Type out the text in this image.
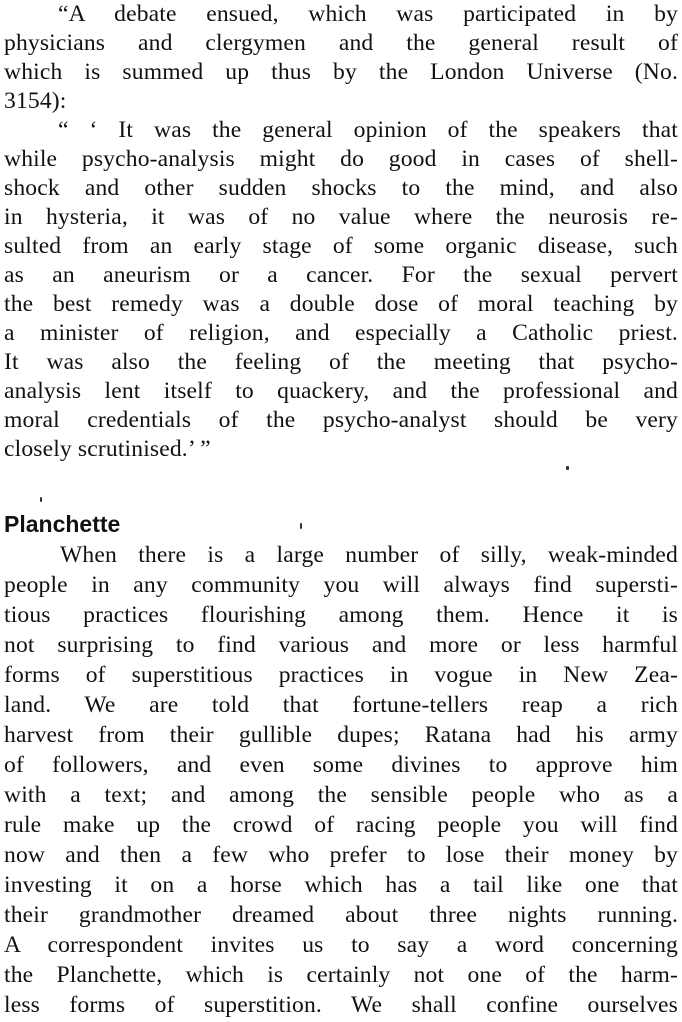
“A debate ensued, which was participated in by
physicians and clergymen and the general result of
which is summed up thus by the London Universe (No.
3154):
“ ‘ It was the general opinion of the speakers that
while psycho-analysis might do good in cases of shell-
shock and other sudden shocks to the mind, and also
in hysteria, it was of no value where the neurosis re-
sulted from an early stage of some organic disease, such
as an aneurism or a cancer. For the sexual pervert
the best remedy was a double dose of moral teaching by
a minister of religion, and especially a Catholic priest.
It was also the feeling of the meeting that psycho-
analysis lent itself to quackery, and the professional and
moral credentials of the psycho-analyst should be very
closely scrutinised.’ ”
Planchette
When there is a large number of silly, weak-minded
people in any community you will always find supersti-
tious practices flourishing among them. Hence it is
not surprising to find various and more or less harmful
forms of superstitious practices in vogue in New Zea-
land. We are told that fortune-tellers reap a rich
harvest from their gullible dupes; Ratana had his army
of followers, and even some divines to approve him
with a text; and among the sensible people who as a
rule make up the crowd of racing people you will find
now and then a few who prefer to lose their money by
investing it on a horse which has a tail like one that
their grandmother dreamed about three nights running.
A correspondent invites us to say a word concerning
the Planchette, which is certainly not one of the harm-
less forms of superstition. We shall confine ourselves
